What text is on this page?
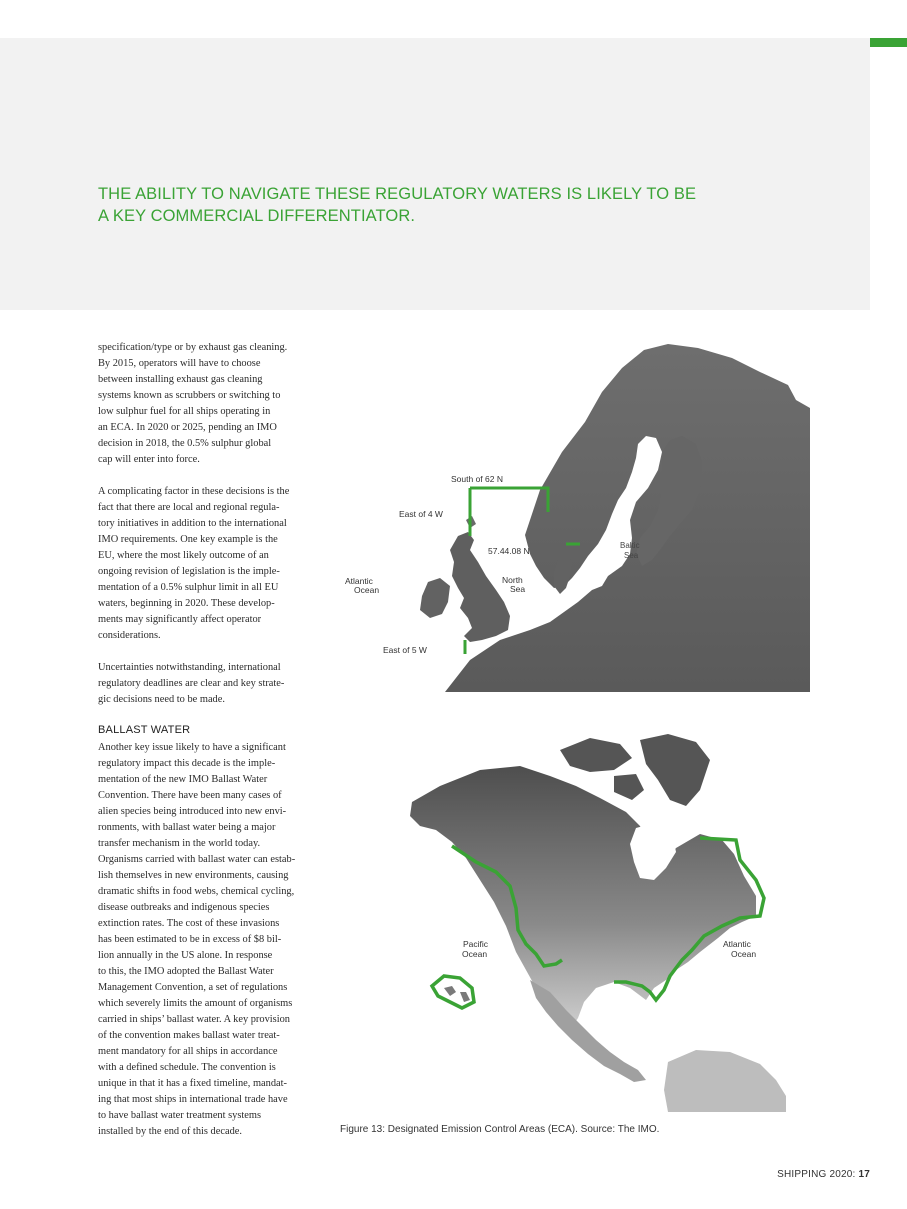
THE ABILITY TO NAVIGATE THESE REGULATORY WATERS IS LIKELY TO BE
A KEY COMMERCIAL DIFFERENTIATOR.

specification/type or by exhaust gas cleaning.

By 2015, operators will have to choose

between installing exhaust gas cleaning

systems known as scrubbers or switching to

low sulphur fuel for all ships operating in

an ECA. In 2020 or 2025, pending an IMO

decision in 2018, the 0.5% sulphur global

cap will enter into force.

A complicating factor in these decisions is the

fact that there are local and regional regula-

tory initiatives in addition to the international

IMO requirements. One key example is the

EU, where the most likely outcome of an

ongoing revision of legislation is the imple-

mentation of a 0.5% sulphur limit in all EU

waters, beginning in 2020. These develop-

ments may significantly affect operator

considerations.

Uncertainties notwithstanding, international

regulatory deadlines are clear and key strate-

gic decisions need to be made.

BALLAST WATER

Another key issue likely to have a significant

regulatory impact this decade is the imple-

mentation of the new IMO Ballast Water

Convention. There have been many cases of

alien species being introduced into new envi-

ronments, with ballast water being a major

transfer mechanism in the world today.

Organisms carried with ballast water can estab-

lish themselves in new environments, causing

dramatic shifts in food webs, chemical cycling,

disease outbreaks and indigenous species

extinction rates. The cost of these invasions

has been estimated to be in excess of $8 bil-

lion annually in the US alone. In response

to this, the IMO adopted the Ballast Water

Management Convention, a set of regulations

which severely limits the amount of organisms

carried in ships’ ballast water. A key provision

of the convention makes ballast water treat-

ment mandatory for all ships in accordance

with a defined schedule. The convention is

unique in that it has a fixed timeline, mandat-

ing that most ships in international trade have

to have ballast water treatment systems

installed by the end of this decade.

South of 62 N
East of 4 W
57.44.08 N
Baltic
Sea
Atlantic
Ocean
North
Sea
East of 5 W
Pacific
Ocean
Atlantic
Ocean
Figure 13: Designated Emission Control Areas (ECA). Source: The IMO.
SHIPPING 2020: 17
